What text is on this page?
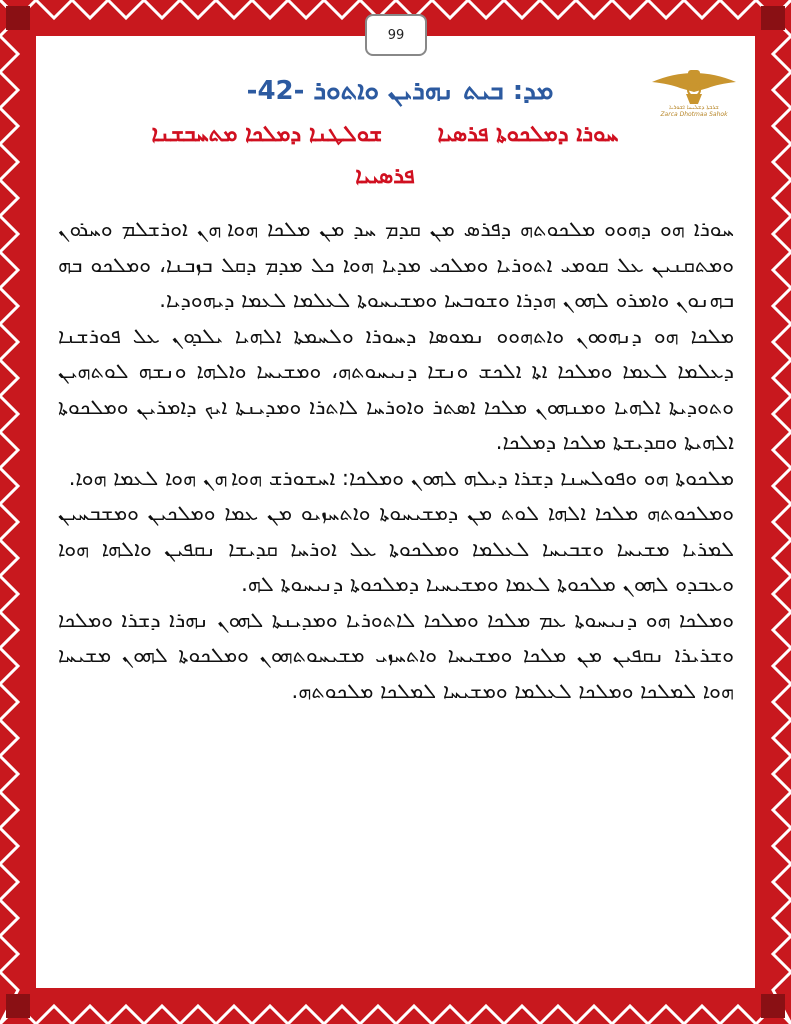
99
ܫܪܒܬܐ ܕܫܠܝܚܐ ܐܫܘܪܝܐ
Zarca Dhotmaa Sahok
ܡܕ: ܒܝܬ ܢܗܪܝܢ ܘܐܬܘܪ -42-
ܚܘܪܐ ܕܡܠܟܘܬܐ ܦܪܣܝܐ  ܫܘܠܛܢܐ ܕܡܠܟܐ ܡܬܚܒܫܢܐ
ܦܪܣܝܝܐ

ܚܘܪܐ ܗܘ ܕܗܘܘ ܡܠܟܘܬܗ ܕܦܪܣ ܡܢ ܩܕܡ ܚܕ ܡܢ ܡܠܟܐ ܗܘܐ ܗܢ ܐܘܪܫܠܡ ܘܚܪܘܢ ܘܡܬܩܢܝܢ ܥܠ ܩܘܡܝ ܐܬܘܪܝܐ ܘܡܠܟܝ ܡܕܝܐ ܗܘܐ ܟܠ ܡܕܡ ܕܩܠ ܒܙܒܢܐ، ܘܡܠܟܘ ܒܗ ܒܗܢܘܢ ܘܐܡܪܘ ܠܗܘܢ ܗܕܪܐ ܘܫܘܒܚܐ ܘܡܫܝܚܘܬܐ ܠܥܠܡܐ ܠܥܡܐ ܕܝܗܘܕܝܐ.

ܡܠܟܐ ܗܘ ܕܢܗܘܘܢ ܘܐܬܗܘܘ ܢܡܘܣܐ ܕܚܘܪܐ ܘܠܚܡܬܐ ܐܠܗܝܐ ܝܠܕܘܢ ܥܠ ܦܘܪܫܢܐ ܕܥܠܡܐ ܠܥܡܐ ܘܡܠܟܐ ܐܬܐ ܐܠܟܫ ܘܢܫܐ ܕܢܝܚܘܬܗ، ܘܡܫܝܚܐ ܘܐܠܗܐ ܘܢܫܗ ܠܘܬܗܝܢ ܘܬܘܕܝܬܐ ܐܠܗܝܐ ܘܡܢܗܘܢ ܡܠܟܐ ܐܣܬܪ ܘܐܘܪܚܐ ܠܐܬܪܐ ܘܡܕܝܢܬܐ ܐܝܟ ܕܐܡܪܝܢ ܘܡܠܟܘܬܐ ܐܠܗܝܬܐ ܘܩܕܝܫܬܐ ܡܠܟܐ ܕܡܠܟܐ.

ܡܠܟܘܬܐ ܗܘ ܘܦܘܠܚܢܐ ܕܫܪܐ ܕܝܠܗ ܠܗܘܢ ܘܡܠܟܐ: ܐܚܫܘܪܫ ܗܘܐ ܗܢ ܗܘܐ ܠܥܡܐ ܗܘܐ.

ܘܡܠܟܘܬܗ ܡܠܟܐ ܐܠܗܐ ܠܘܬ ܡܢ ܕܡܫܝܚܘܬܐ ܘܐܬܚܙܝܘ ܡܢ ܥܡܐ ܘܡܠܟܝܢ ܘܡܫܒܚܝܢ ܠܡܪܝܐ ܡܫܝܚܐ ܘܫܒܝܚܐ ܠܥܠܡܐ ܘܡܠܟܘܬܐ ܥܠ ܐܘܪܚܐ ܩܕܝܫܐ ܢܩܦܝܢ ܘܐܠܗܐ ܗܘܐ ܘܥܒܕܘ ܠܗܘܢ ܡܠܟܘܬܐ ܠܥܡܐ ܘܡܫܝܚܝܐ ܕܡܠܟܘܬܐ ܕܢܝܚܘܬܐ ܠܗ.

ܘܡܠܟܐ ܗܘ ܕܢܝܚܘܬܐ ܥܡ ܡܠܟܐ ܘܡܠܟܐ ܠܐܬܘܪܝܐ ܘܡܕܝܢܬܐ ܠܗܘܢ ܢܗܪܐ ܕܫܪܐ ܘܡܠܟܐ ܘܫܪܝܪܐ ܢܩܦܝܢ ܡܢ ܡܠܟܐ ܘܡܫܝܚܐ ܘܐܬܚܙܝ ܡܫܝܚܘܬܗܘܢ ܘܡܠܟܘܬܐ ܠܗܘܢ ܡܫܝܚܐ ܗܘܐ ܠܡܠܟܐ ܘܡܠܟܐ ܠܥܠܡܐ ܘܡܫܝܚܐ ܠܡܠܟܐ ܡܠܟܘܬܗ.
